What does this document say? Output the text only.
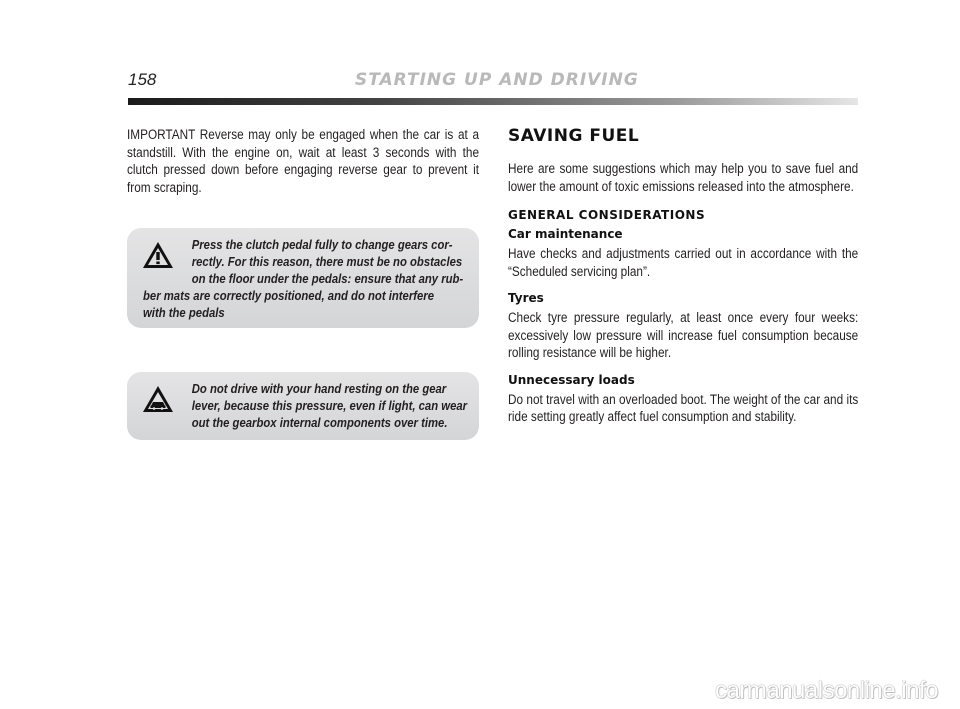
158	STARTING UP AND DRIVING

IMPORTANT Reverse may only be engaged when the car is at a standstill. With the engine on, wait at least 3 seconds with the clutch pressed down before engaging reverse gear to prevent it from scraping.

Press the clutch pedal fully to change gears cor-
rectly. For this reason, there must be no obstacles
on the floor under the pedals: ensure that any rub-
ber mats are correctly positioned, and do not interfere
with the pedals

Do not drive with your hand resting on the gear
lever, because this pressure, even if light, can wear
out the gearbox internal components over time.

SAVING FUEL

Here are some suggestions which may help you to save fuel and lower the amount of toxic emissions released into the atmosphere.

GENERAL CONSIDERATIONS
Car maintenance

Have checks and adjustments carried out in accordance with the “Scheduled servicing plan”.

Tyres

Check tyre pressure regularly, at least once every four weeks: excessively low pressure will increase fuel consumption because rolling resistance will be higher.

Unnecessary loads

Do not travel with an overloaded boot. The weight of the car and its ride setting greatly affect fuel consumption and stability.

carmanualsonline.info
